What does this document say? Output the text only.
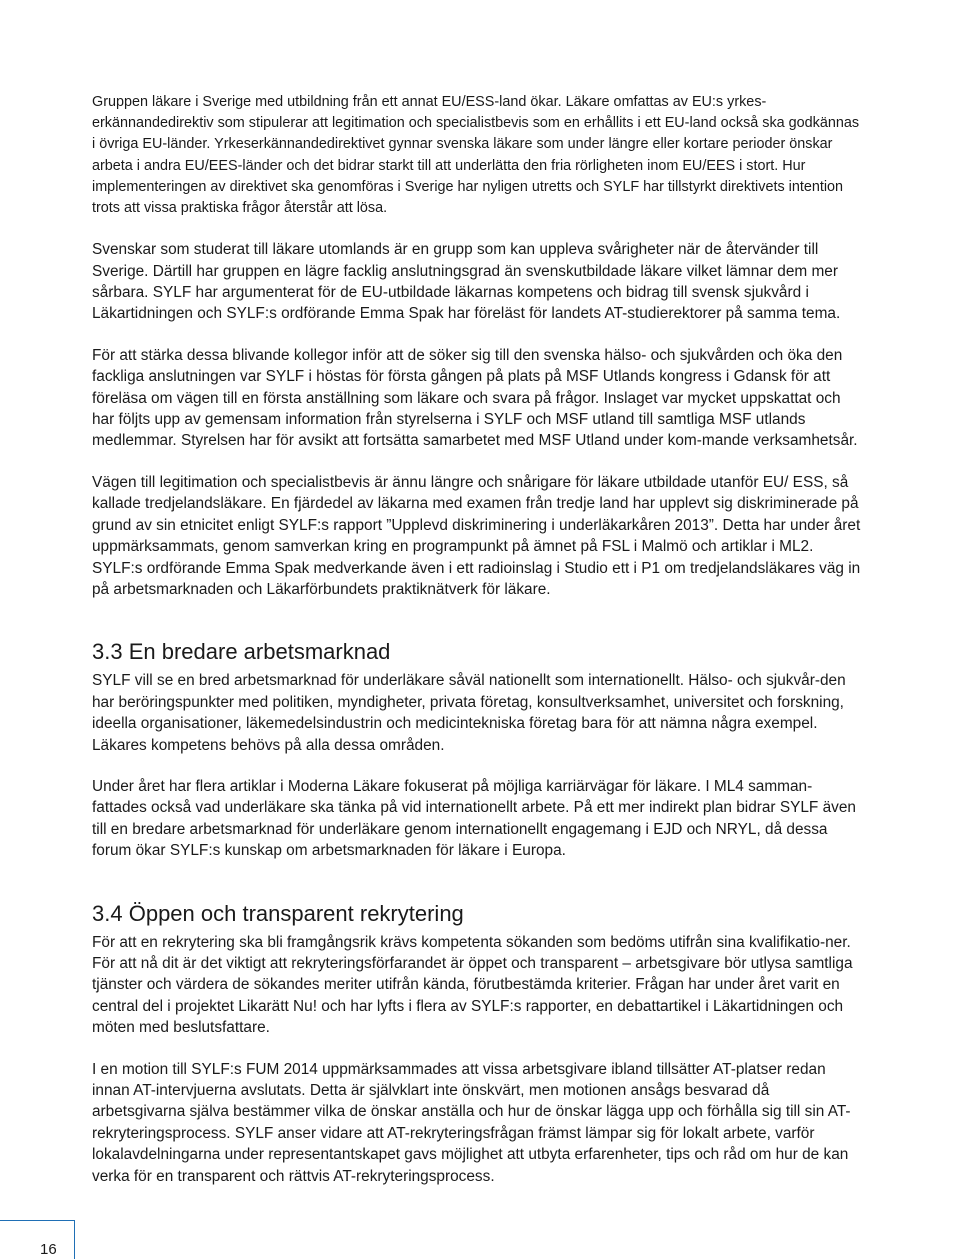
Gruppen läkare i Sverige med utbildning från ett annat EU/ESS-land ökar. Läkare omfattas av EU:s yrkes-erkännandedirektiv som stipulerar att legitimation och specialistbevis som en erhållits i ett EU-land också ska godkännas i övriga EU-länder. Yrkeserkännandedirektivet gynnar svenska läkare som under längre eller kortare perioder önskar arbeta i andra EU/EES-länder och det bidrar starkt till att underlätta den fria rörligheten inom EU/EES i stort. Hur implementeringen av direktivet ska genomföras i Sverige har nyligen utretts och SYLF har tillstyrkt direktivets intention trots att vissa praktiska frågor återstår att lösa.

Svenskar som studerat till läkare utomlands är en grupp som kan uppleva svårigheter när de återvänder till Sverige. Därtill har gruppen en lägre facklig anslutningsgrad än svenskutbildade läkare vilket lämnar dem mer sårbara. SYLF har argumenterat för de EU-utbildade läkarnas kompetens och bidrag till svensk sjukvård i Läkartidningen och SYLF:s ordförande Emma Spak har föreläst för landets AT-studierektorer på samma tema.

För att stärka dessa blivande kollegor inför att de söker sig till den svenska hälso- och sjukvården och öka den fackliga anslutningen var SYLF i höstas för första gången på plats på MSF Utlands kongress i Gdansk för att föreläsa om vägen till en första anställning som läkare och svara på frågor. Inslaget var mycket uppskattat och har följts upp av gemensam information från styrelserna i SYLF och MSF utland till samtliga MSF utlands medlemmar. Styrelsen har för avsikt att fortsätta samarbetet med MSF Utland under kom-mande verksamhetsår.

Vägen till legitimation och specialistbevis är ännu längre och snårigare för läkare utbildade utanför EU/ ESS, så kallade tredjelandsläkare. En fjärdedel av läkarna med examen från tredje land har upplevt sig diskriminerade på grund av sin etnicitet enligt SYLF:s rapport ”Upplevd diskriminering i underläkarkåren 2013”. Detta har under året uppmärksammats, genom samverkan kring en programpunkt på ämnet på FSL i Malmö och artiklar i ML2. SYLF:s ordförande Emma Spak medverkande även i ett radioinslag i Studio ett i P1 om tredjelandsläkares väg in på arbetsmarknaden och Läkarförbundets praktiknätverk för läkare.

3.3 En bredare arbetsmarknad

SYLF vill se en bred arbetsmarknad för underläkare såväl nationellt som internationellt. Hälso- och sjukvår-den har beröringspunkter med politiken, myndigheter, privata företag, konsultverksamhet, universitet och forskning, ideella organisationer, läkemedelsindustrin och medicintekniska företag bara för att nämna några exempel. Läkares kompetens behövs på alla dessa områden.

Under året har flera artiklar i Moderna Läkare fokuserat på möjliga karriärvägar för läkare. I ML4 samman-fattades också vad underläkare ska tänka på vid internationellt arbete. På ett mer indirekt plan bidrar SYLF även till en bredare arbetsmarknad för underläkare genom internationellt engagemang i EJD och NRYL, då dessa forum ökar SYLF:s kunskap om arbetsmarknaden för läkare i Europa.

3.4 Öppen och transparent rekrytering

För att en rekrytering ska bli framgångsrik krävs kompetenta sökanden som bedöms utifrån sina kvalifikatio-ner. För att nå dit är det viktigt att rekryteringsförfarandet är öppet och transparent – arbetsgivare bör utlysa samtliga tjänster och värdera de sökandes meriter utifrån kända, förutbestämda kriterier. Frågan har under året varit en central del i projektet Likarätt Nu! och har lyfts i flera av SYLF:s rapporter, en debattartikel i Läkartidningen och möten med beslutsfattare.

I en motion till SYLF:s FUM 2014 uppmärksammades att vissa arbetsgivare ibland tillsätter AT-platser redan innan AT-intervjuerna avslutats. Detta är självklart inte önskvärt, men motionen ansågs besvarad då arbetsgivarna själva bestämmer vilka de önskar anställa och hur de önskar lägga upp och förhålla sig till sin AT-rekryteringsprocess. SYLF anser vidare att AT-rekryteringsfrågan främst lämpar sig för lokalt arbete, varför lokalavdelningarna under representantskapet gavs möjlighet att utbyta erfarenheter, tips och råd om hur de kan verka för en transparent och rättvis AT-rekryteringsprocess.

16
